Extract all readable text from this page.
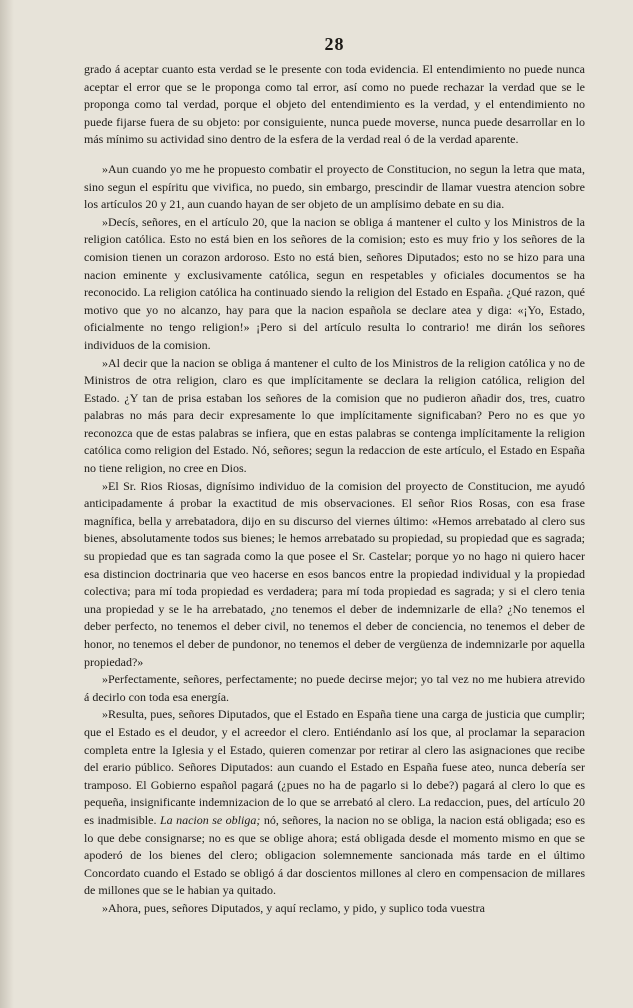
28

grado á aceptar cuanto esta verdad se le presente con toda evidencia. El entendimiento no puede nunca aceptar el error que se le proponga como tal error, así como no puede rechazar la verdad que se le proponga como tal verdad, porque el objeto del entendimiento es la verdad, y el entendimiento no puede fijarse fuera de su objeto: por consiguiente, nunca puede moverse, nunca puede desarrollar en lo más mínimo su actividad sino dentro de la esfera de la verdad real ó de la verdad aparente.

»Aun cuando yo me he propuesto combatir el proyecto de Constitucion, no segun la letra que mata, sino segun el espíritu que vivifica, no puedo, sin embargo, prescindir de llamar vuestra atencion sobre los artículos 20 y 21, aun cuando hayan de ser objeto de un amplísimo debate en su dia.

»Decís, señores, en el artículo 20, que la nacion se obliga á mantener el culto y los Ministros de la religion católica. Esto no está bien en los señores de la comision; esto es muy frio y los señores de la comision tienen un corazon ardoroso. Esto no está bien, señores Diputados; esto no se hizo para una nacion eminente y exclusivamente católica, segun en respetables y oficiales documentos se ha reconocido. La religion católica ha continuado siendo la religion del Estado en España. ¿Qué razon, qué motivo que yo no alcanzo, hay para que la nacion española se declare atea y diga: «¡Yo, Estado, oficialmente no tengo religion!» ¡Pero si del artículo resulta lo contrario! me dirán los señores individuos de la comision.

»Al decir que la nacion se obliga á mantener el culto de los Ministros de la religion católica y no de Ministros de otra religion, claro es que implícitamente se declara la religion católica, religion del Estado. ¿Y tan de prisa estaban los señores de la comision que no pudieron añadir dos, tres, cuatro palabras no más para decir expresamente lo que implícitamente significaban? Pero no es que yo reconozca que de estas palabras se infiera, que en estas palabras se contenga implícitamente la religion católica como religion del Estado. Nó, señores; segun la redaccion de este artículo, el Estado en España no tiene religion, no cree en Dios.

»El Sr. Rios Riosas, dignísimo individuo de la comision del proyecto de Constitucion, me ayudó anticipadamente á probar la exactitud de mis observaciones. El señor Rios Rosas, con esa frase magnífica, bella y arrebatadora, dijo en su discurso del viernes último: «Hemos arrebatado al clero sus bienes, absolutamente todos sus bienes; le hemos arrebatado su propiedad, su propiedad que es sagrada; su propiedad que es tan sagrada como la que posee el Sr. Castelar; porque yo no hago ni quiero hacer esa distincion doctrinaria que veo hacerse en esos bancos entre la propiedad individual y la propiedad colectiva; para mí toda propiedad es verdadera; para mí toda propiedad es sagrada; y si el clero tenia una propiedad y se le ha arrebatado, ¿no tenemos el deber de indemnizarle de ella? ¿No tenemos el deber perfecto, no tenemos el deber civil, no tenemos el deber de conciencia, no tenemos el deber de honor, no tenemos el deber de pundonor, no tenemos el deber de vergüenza de indemnizarle por aquella propiedad?»

»Perfectamente, señores, perfectamente; no puede decirse mejor; yo tal vez no me hubiera atrevido á decirlo con toda esa energía.

»Resulta, pues, señores Diputados, que el Estado en España tiene una carga de justicia que cumplir; que el Estado es el deudor, y el acreedor el clero. Entiéndanlo así los que, al proclamar la separacion completa entre la Iglesia y el Estado, quieren comenzar por retirar al clero las asignaciones que recibe del erario público. Señores Diputados: aun cuando el Estado en España fuese ateo, nunca debería ser tramposo. El Gobierno español pagará (¿pues no ha de pagarlo si lo debe?) pagará al clero lo que es pequeña, insignificante indemnizacion de lo que se arrebató al clero. La redaccion, pues, del artículo 20 es inadmisible. La nacion se obliga; nó, señores, la nacion no se obliga, la nacion está obligada; eso es lo que debe consignarse; no es que se oblige ahora; está obligada desde el momento mismo en que se apoderó de los bienes del clero; obligacion solemnemente sancionada más tarde en el último Concordato cuando el Estado se obligó á dar doscientos millones al clero en compensacion de millares de millones que se le habian ya quitado.

»Ahora, pues, señores Diputados, y aquí reclamo, y pido, y suplico toda vuestra
